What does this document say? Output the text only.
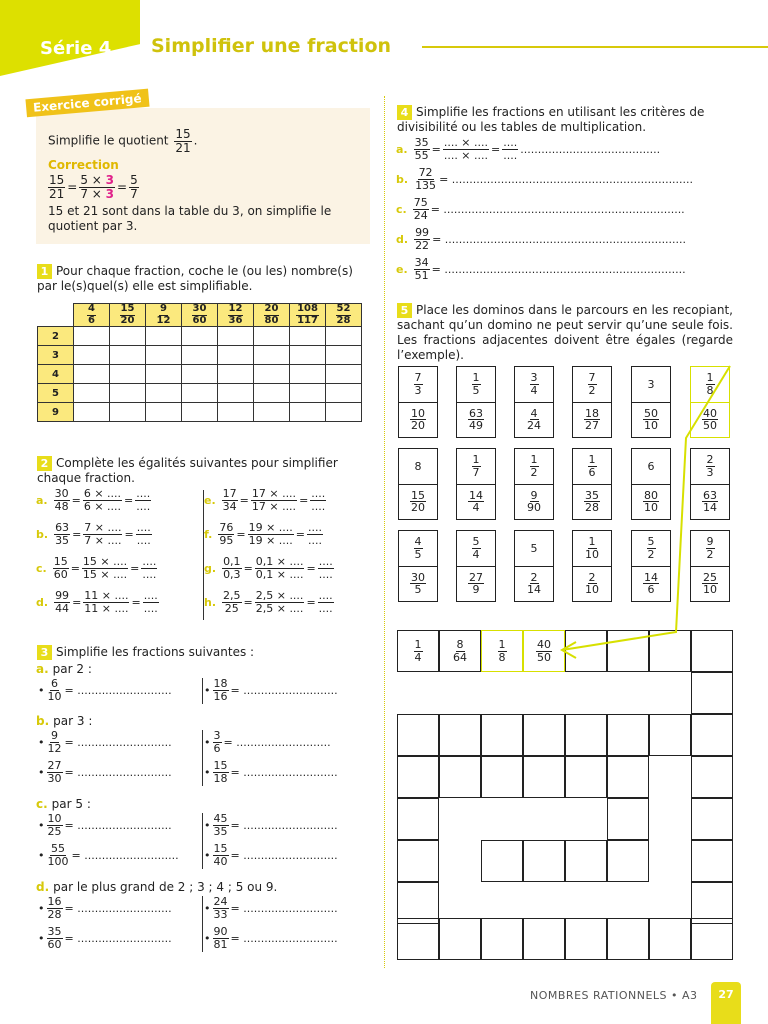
Série 4 Simplifier une fraction
Exercice corrigé
Simplifie le quotient $\frac{15}{21}$ .
Correction
$\frac{15}{21} = \frac{5 \times 3}{7 \times 3} = \frac{5}{7}$
15 et 21 sont dans la table du 3, on simplifie le quotient par 3.
1 Pour chaque fraction, coche le (ou les) nombre(s) par le(s)quel(s) elle est simplifiable.

	$\frac{4}{6}$	$\frac{15}{20}$	$\frac{9}{12}$	$\frac{30}{60}$	$\frac{12}{36}$	$\frac{20}{80}$	$\frac{108}{117}$	$\frac{52}{28}$

2								
3								
4								
5								
9								
2 Complète les égalités suivantes pour simplifier chaque fraction.
a. $\frac{30}{48} = \frac{6 \times ....}{6 \times ....} = \frac{....}{....}$
b. $\frac{63}{35} = \frac{7 \times ....}{7 \times ....} = \frac{....}{....}$
c. $\frac{15}{60} = \frac{15 \times ....}{15 \times ....} = \frac{....}{....}$
d. $\frac{99}{44} = \frac{11 \times ....}{11 \times ....} = \frac{....}{....}$
e. $\frac{17}{34} = \frac{17 \times ....}{17 \times ....} = \frac{....}{....}$
f. $\frac{76}{95} = \frac{19 \times ....}{19 \times ....} = \frac{....}{....}$
g. $\frac{0,1}{0,3} = \frac{0,1 \times ....}{0,1 \times ....} = \frac{....}{....}$
h. $\frac{2,5}{25} = \frac{2,5 \times ....}{2,5 \times ....} = \frac{....}{....}$
3 Simplifie les fractions suivantes :
a. par 2 :
• $\frac{6}{10}$ = ...........................	• $\frac{18}{16}$ = ...........................
b. par 3 :
• $\frac{9}{12}$ = ...........................	• $\frac{3}{6}$ = ...........................
• $\frac{27}{30}$ = ...........................	• $\frac{15}{18}$ = ...........................
c. par 5 :
• $\frac{10}{25}$ = ...........................	• $\frac{45}{35}$ = ...........................
• $\frac{55}{100}$ = ........................... • $\frac{15}{40}$ = ...........................
d. par le plus grand de 2 ; 3 ; 4 ; 5 ou 9.
• $\frac{16}{28}$ = ...........................	• $\frac{24}{33}$ = ...........................
• $\frac{35}{60}$ = ...........................	• $\frac{90}{81}$ = ...........................
4 Simplifie les fractions en utilisant les critères de divisibilité ou les tables de multiplication.
a. $\frac{35}{55} = \frac{.... \times ....}{.... \times ....} = \frac{....}{....}$ ........................................
b. $\frac{72}{135}$ = .....................................................................
c. $\frac{75}{24}$ = .....................................................................
d. $\frac{99}{22}$ = .....................................................................
e. $\frac{34}{51}$ = .....................................................................
5 Place les dominos dans le parcours en les recopiant, sachant qu’un domino ne peut servir qu’une seule fois. Les fractions adjacentes doivent être égales (regarde l’exemple).
$\frac{7}{3}$
$\frac{10}{20}$
$\frac{1}{5}$
$\frac{63}{49}$
$\frac{3}{4}$
$\frac{4}{24}$
$\frac{7}{2}$
$\frac{18}{27}$
3
$\frac{50}{10}$
$\frac{1}{8}$
$\frac{40}{50}$
8
$\frac{15}{20}$
$\frac{1}{7}$
$\frac{14}{4}$
$\frac{1}{2}$
$\frac{9}{90}$
$\frac{1}{6}$
$\frac{35}{28}$
6
$\frac{80}{10}$
$\frac{2}{3}$
$\frac{63}{14}$
$\frac{4}{5}$
$\frac{30}{5}$
$\frac{5}{4}$
$\frac{27}{9}$
5
$\frac{2}{14}$
$\frac{1}{10}$
$\frac{2}{10}$
$\frac{5}{2}$
$\frac{14}{6}$
$\frac{9}{2}$
$\frac{25}{10}$
$\frac{1}{4}$	$\frac{8}{64}$	$\frac{1}{8}$	$\frac{40}{50}$
NOMBRES RATIONNELS • A3	27
